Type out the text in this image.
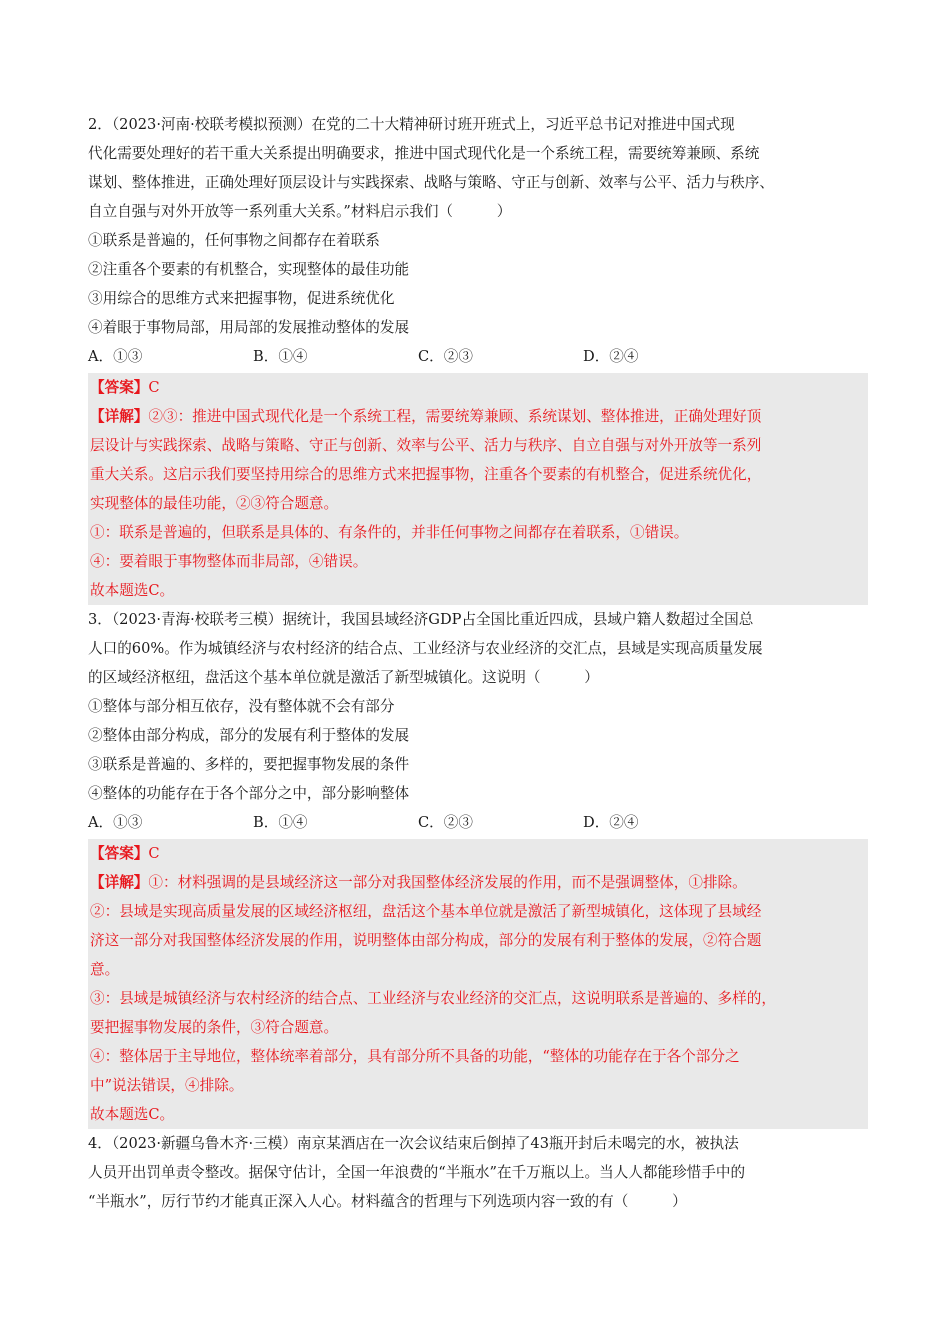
2．（2023·河南·校联考模拟预测）在党的二十大精神研讨班开班式上，习近平总书记对推进中国式现

代化需要处理好的若干重大关系提出明确要求，推进中国式现代化是一个系统工程，需要统筹兼顾、系统

谋划、整体推进，正确处理好顶层设计与实践探索、战略与策略、守正与创新、效率与公平、活力与秩序、

自立自强与对外开放等一系列重大关系。”材料启示我们（　　　）

①联系是普遍的，任何事物之间都存在着联系

②注重各个要素的有机整合，实现整体的最佳功能

③用综合的思维方式来把握事物，促进系统优化

④着眼于事物局部，用局部的发展推动整体的发展

A．①③	B．①④	C．②③	D．②④

【答案】C

【详解】②③：推进中国式现代化是一个系统工程，需要统筹兼顾、系统谋划、整体推进，正确处理好顶

层设计与实践探索、战略与策略、守正与创新、效率与公平、活力与秩序、自立自强与对外开放等一系列

重大关系。这启示我们要坚持用综合的思维方式来把握事物，注重各个要素的有机整合，促进系统优化，

实现整体的最佳功能，②③符合题意。

①：联系是普遍的，但联系是具体的、有条件的，并非任何事物之间都存在着联系，①错误。

④：要着眼于事物整体而非局部，④错误。

故本题选C。

3．（2023·青海·校联考三模）据统计，我国县域经济GDP占全国比重近四成，县域户籍人数超过全国总

人口的60%。作为城镇经济与农村经济的结合点、工业经济与农业经济的交汇点，县域是实现高质量发展

的区域经济枢纽，盘活这个基本单位就是激活了新型城镇化。这说明（　　　）

①整体与部分相互依存，没有整体就不会有部分

②整体由部分构成，部分的发展有利于整体的发展

③联系是普遍的、多样的，要把握事物发展的条件

④整体的功能存在于各个部分之中，部分影响整体

A．①③	B．①④	C．②③	D．②④

【答案】C

【详解】①：材料强调的是县域经济这一部分对我国整体经济发展的作用，而不是强调整体，①排除。

②：县域是实现高质量发展的区域经济枢纽，盘活这个基本单位就是激活了新型城镇化，这体现了县域经

济这一部分对我国整体经济发展的作用，说明整体由部分构成，部分的发展有利于整体的发展，②符合题

意。

③：县域是城镇经济与农村经济的结合点、工业经济与农业经济的交汇点，这说明联系是普遍的、多样的，

要把握事物发展的条件，③符合题意。

④：整体居于主导地位，整体统率着部分，具有部分所不具备的功能，“整体的功能存在于各个部分之

中”说法错误，④排除。

故本题选C。

4．（2023·新疆乌鲁木齐·三模）南京某酒店在一次会议结束后倒掉了43瓶开封后未喝完的水，被执法

人员开出罚单责令整改。据保守估计，全国一年浪费的“半瓶水”在千万瓶以上。当人人都能珍惜手中的

“半瓶水”，厉行节约才能真正深入人心。材料蕴含的哲理与下列选项内容一致的有（　　　）
